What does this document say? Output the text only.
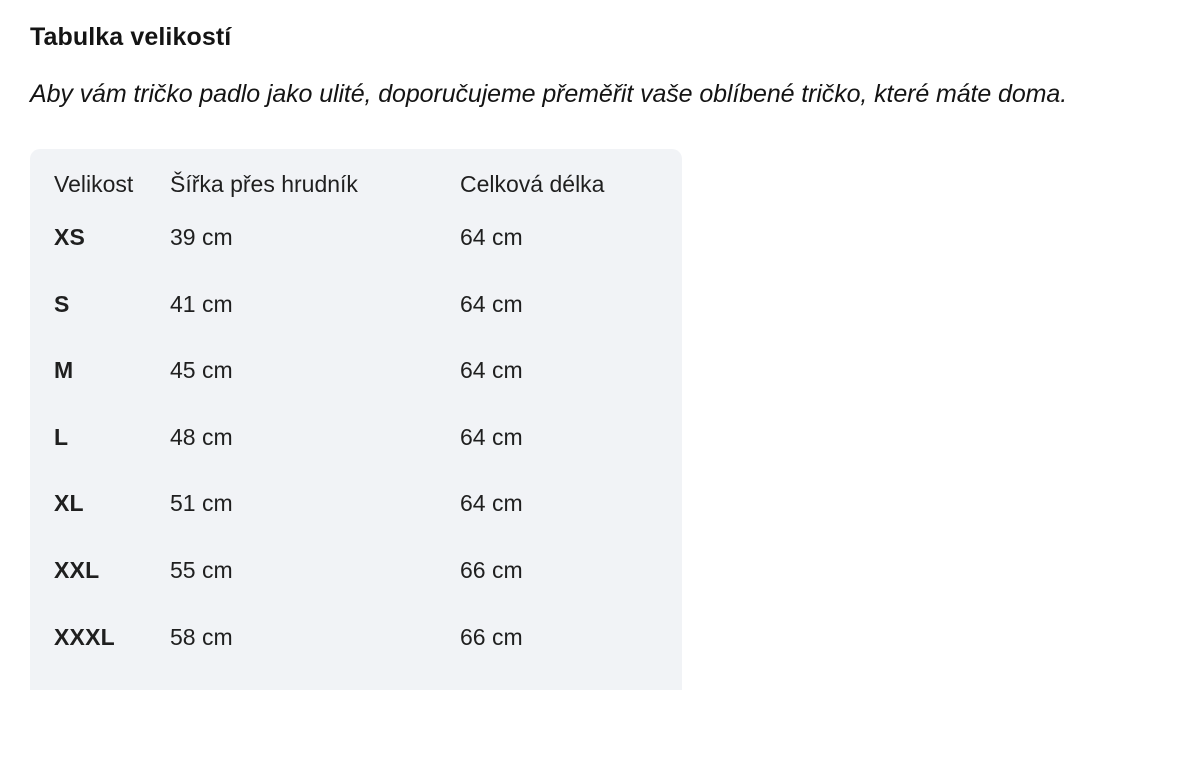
Tabulka velikostí

Aby vám tričko padlo jako ulité, doporučujeme přeměřit vaše oblíbené tričko, které máte doma.

Velikost	Šířka přes hrudník	Celková délka
XS	39 cm	64 cm
S	41 cm	64 cm
M	45 cm	64 cm
L	48 cm	64 cm
XL	51 cm	64 cm
XXL	55 cm	66 cm
XXXL	58 cm	66 cm
